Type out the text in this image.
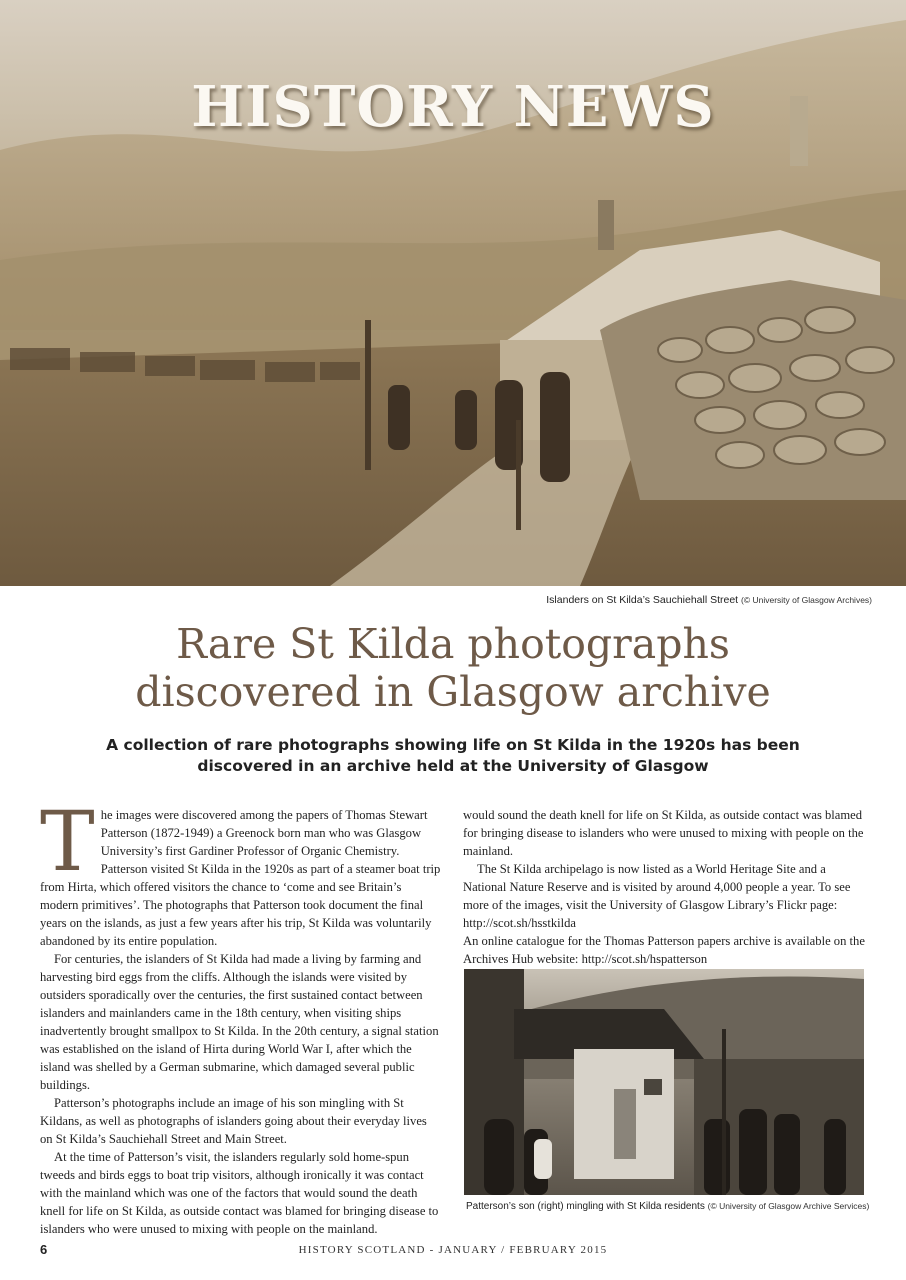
HISTORY NEWS
Islanders on St Kilda’s Sauchiehall Street (© University of Glasgow Archives)
Rare St Kilda photographs
discovered in Glasgow archive
A collection of rare photographs showing life on St Kilda in the 1920s has been
discovered in an archive held at the University of Glasgow

The images were discovered among the papers of Thomas Stewart Patterson (1872-1949) a Greenock born man who was Glasgow University’s first Gardiner Professor of Organic Chemistry. Patterson visited St Kilda in the 1920s as part of a steamer boat trip from Hirta, which offered visitors the chance to ‘come and see Britain’s modern primitives’. The photographs that Patterson took document the final years on the islands, as just a few years after his trip, St Kilda was voluntarily abandoned by its entire population.

For centuries, the islanders of St Kilda had made a living by farming and harvesting bird eggs from the cliffs. Although the islands were visited by outsiders sporadically over the centuries, the first sustained contact between islanders and mainlanders came in the 18th century, when visiting ships inadvertently brought smallpox to St Kilda. In the 20th century, a signal station was established on the island of Hirta during World War I, after which the island was shelled by a German submarine, which damaged several public buildings.

Patterson’s photographs include an image of his son mingling with St Kildans, as well as photographs of islanders going about their everyday lives on St Kilda’s Sauchiehall Street and Main Street.

At the time of Patterson’s visit, the islanders regularly sold home-spun tweeds and birds eggs to boat trip visitors, although ironically it was contact with the mainland which was one of the factors that would sound the death knell for life on St Kilda, as outside contact was blamed for bringing disease to islanders who were unused to mixing with people on the mainland.

would sound the death knell for life on St Kilda, as outside contact was blamed for bringing disease to islanders who were unused to mixing with people on the mainland.

The St Kilda archipelago is now listed as a World Heritage Site and a National Nature Reserve and is visited by around 4,000 people a year. To see more of the images, visit the University of Glasgow Library’s Flickr page: http://scot.sh/hsstkilda

An online catalogue for the Thomas Patterson papers archive is available on the Archives Hub website: http://scot.sh/hspatterson

Patterson’s son (right) mingling with St Kilda residents (© University of Glasgow Archive Services)
6	HISTORY SCOTLAND - JANUARY / FEBRUARY 2015
